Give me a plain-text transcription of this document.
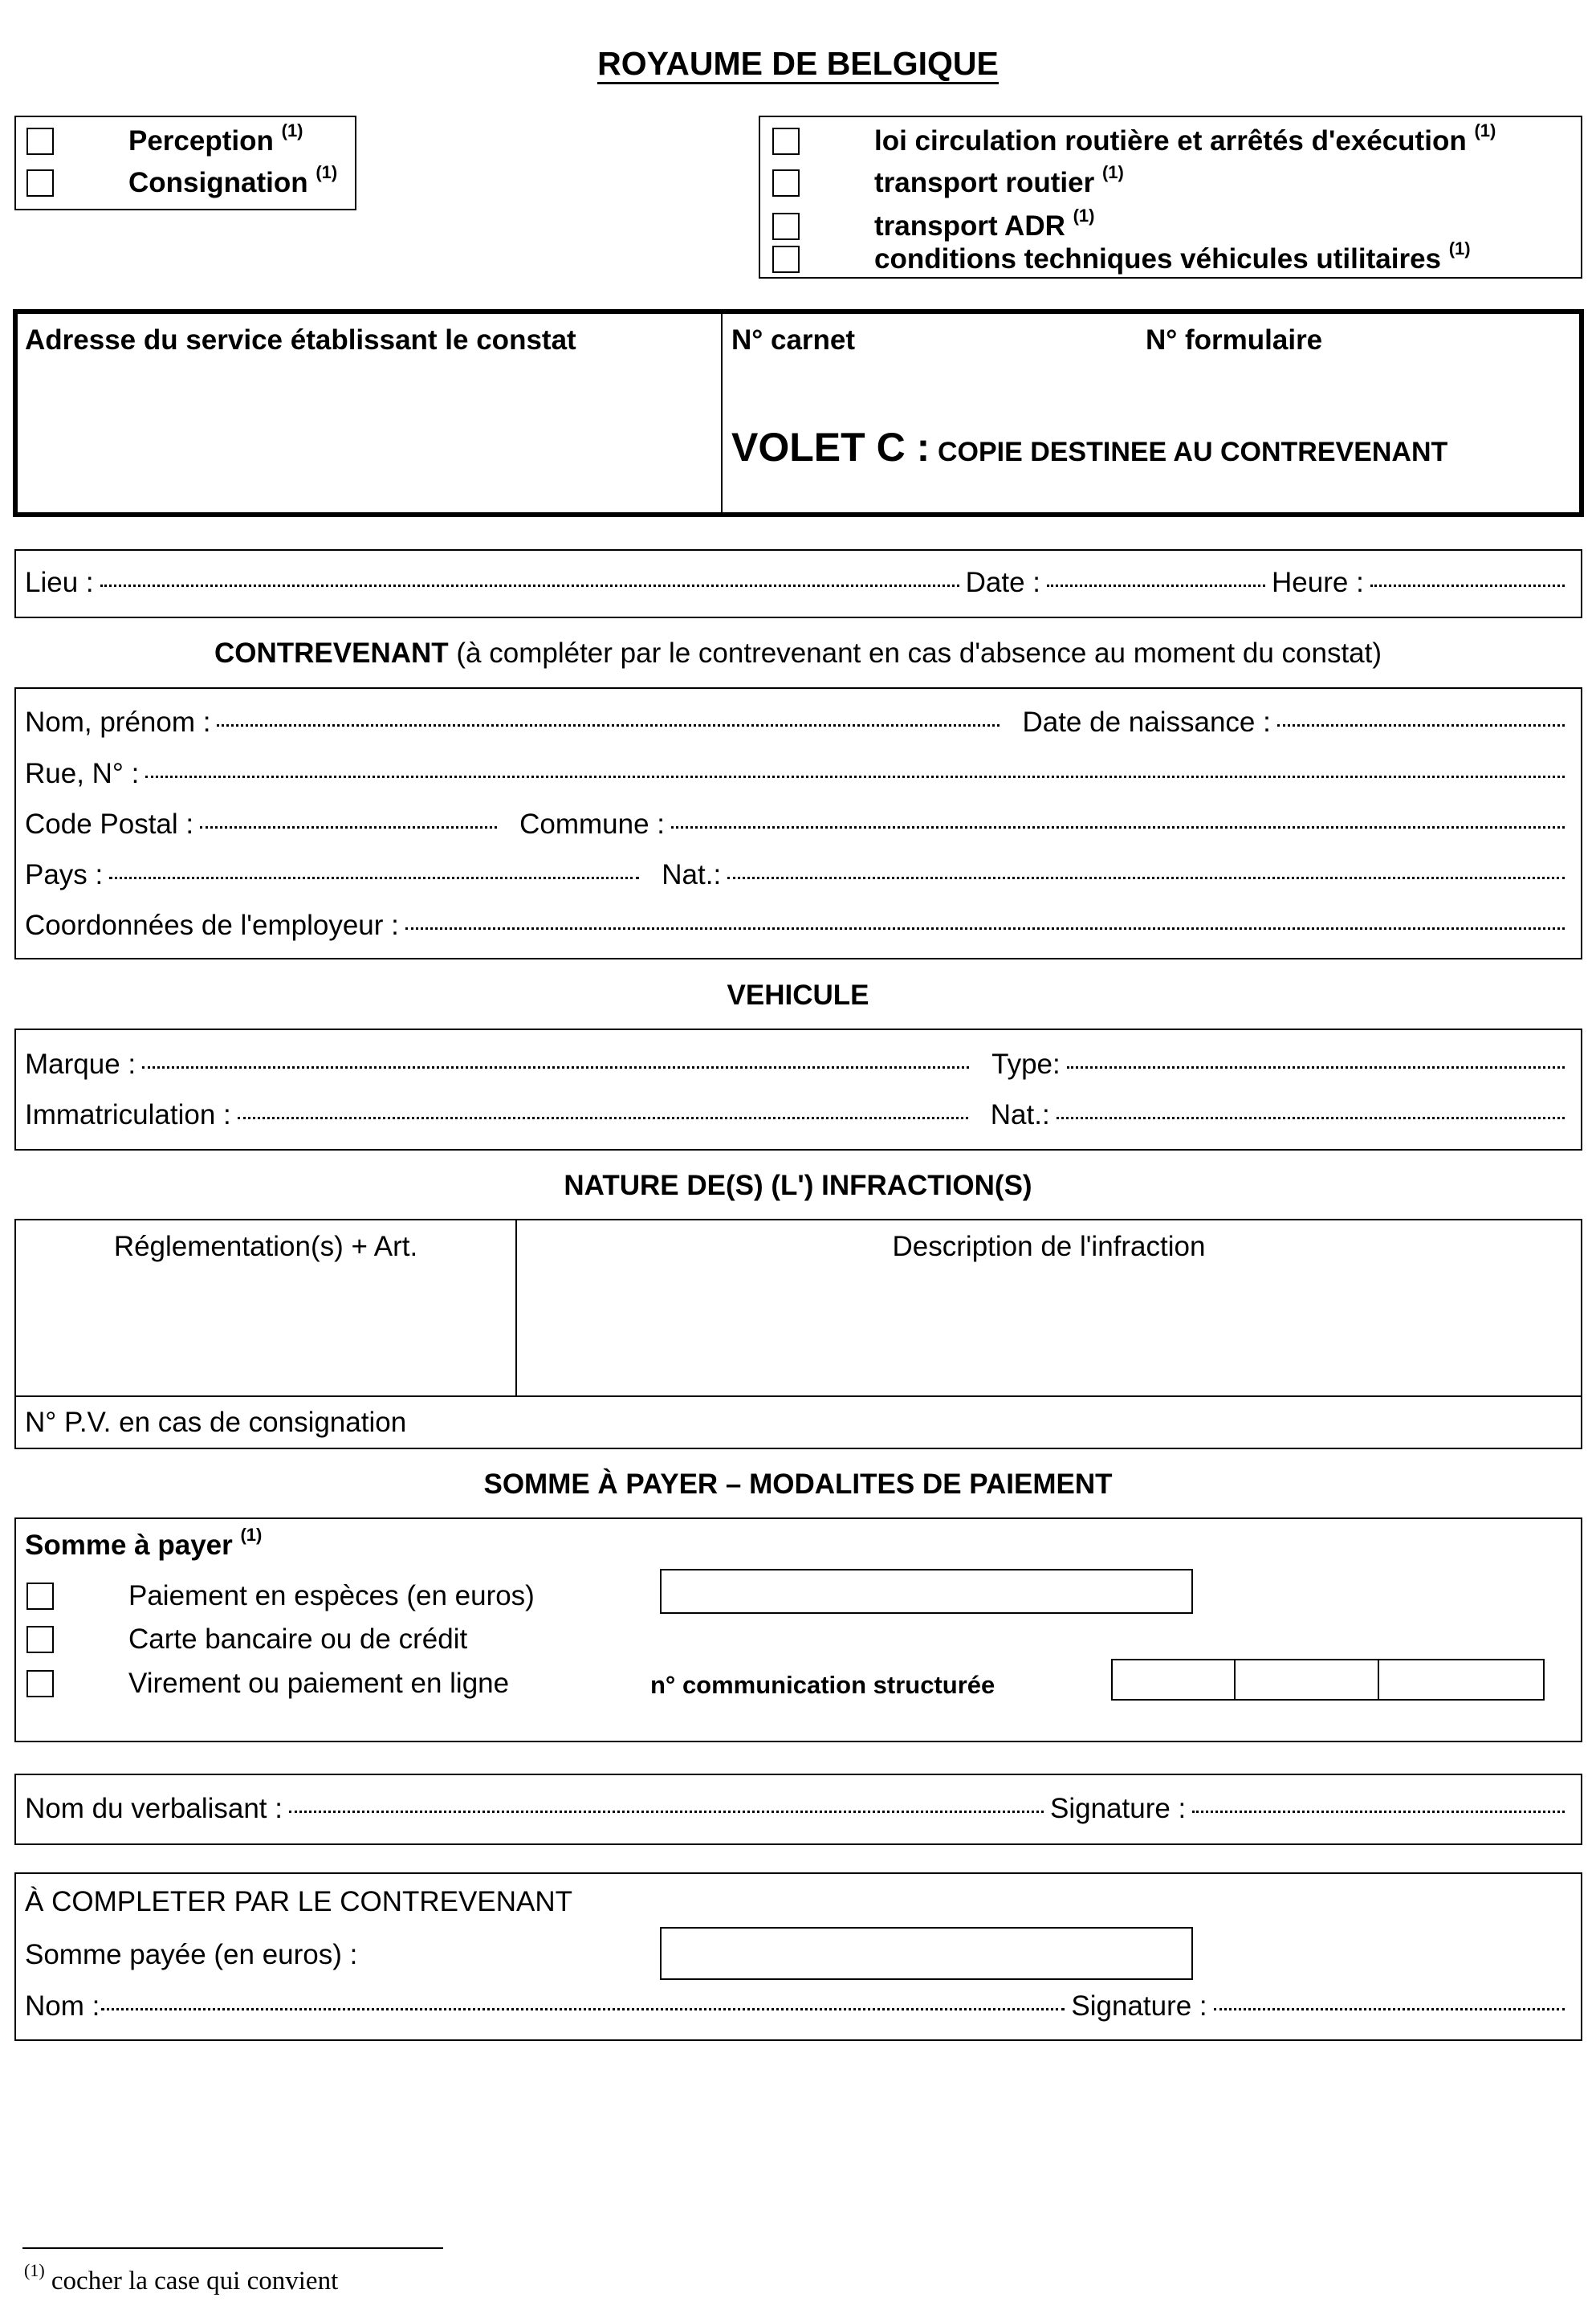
ROYAUME DE BELGIQUE
Perception $^{(1)}$
Consignation $^{(1)}$
loi circulation routière et arrêtés d'exécution $^{(1)}$
transport routier $^{(1)}$
transport ADR $^{(1)}$
conditions techniques véhicules utilitaires $^{(1)}$
Adresse du service établissant le constat	N° carnet	N° formulaire
VOLET C : COPIE DESTINEE AU CONTREVENANT
Lieu :	Date :	Heure :
CONTREVENANT (à compléter par le contrevenant en cas d'absence au moment du constat)
Nom, prénom :	Date de naissance :
Rue, N° :
Code Postal :	Commune :
Pays :	Nat.:
Coordonnées de l'employeur :
VEHICULE
Marque :	Type:
Immatriculation :	Nat.:
NATURE DE(S) (L') INFRACTION(S)
Réglementation(s) + Art.	Description de l'infraction
N° P.V. en cas de consignation
SOMME À PAYER – MODALITES DE PAIEMENT
Somme à payer $^{(1)}$
Paiement en espèces (en euros)
Carte bancaire ou de crédit
Virement ou paiement en ligne	n° communication structurée
Nom du verbalisant :	Signature :
À COMPLETER PAR LE CONTREVENANT
Somme payée (en euros) :
Nom :	Signature :
$^{(1)}$ cocher la case qui convient
